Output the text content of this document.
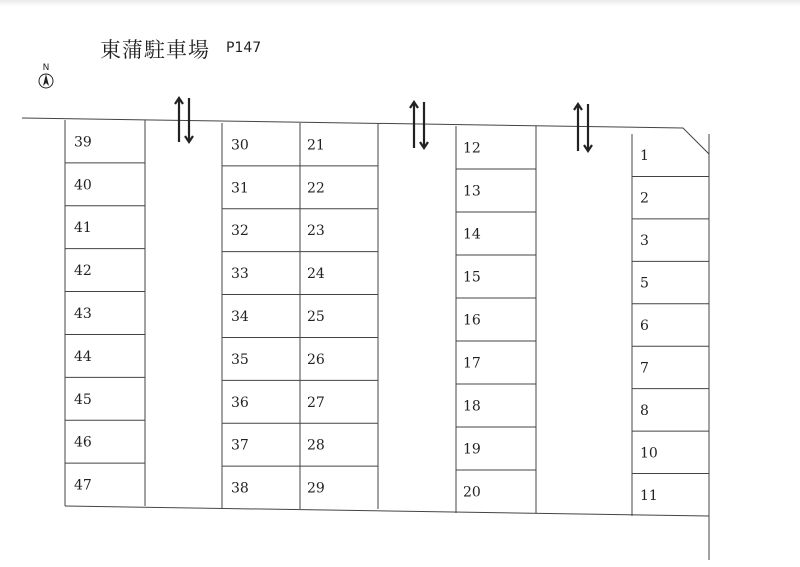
東蒲駐車場 P147
N
39
40
41
42
43
44
45
46
47
30
31
32
33
34
35
36
37
38
21
22
23
24
25
26
27
28
29
12
13
14
15
16
17
18
19
20
1
2
3
5
6
7
8
10
11
